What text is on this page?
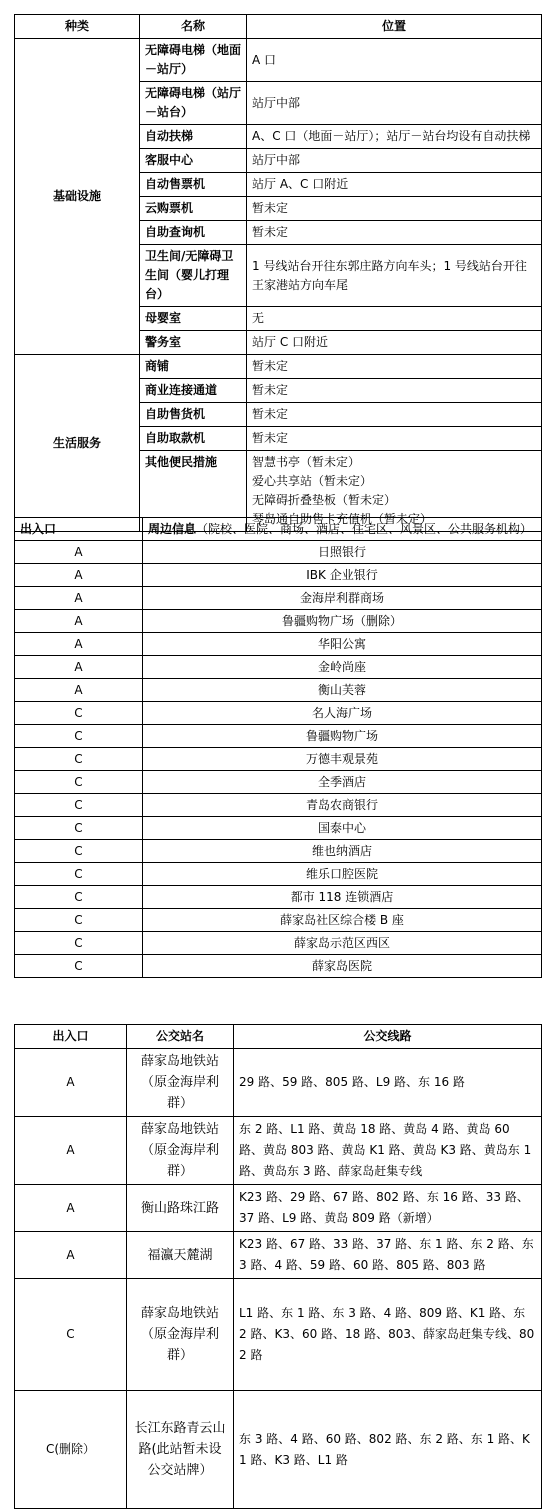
种类	名称	位置
基础设施	无障碍电梯（地面－站厅）	A 口
	无障碍电梯（站厅－站台）	站厅中部
	自动扶梯	A、C 口（地面－站厅）；站厅－站台均设有自动扶梯
	客服中心	站厅中部
	自动售票机	站厅 A、C 口附近
	云购票机	暂未定
	自助查询机	暂未定
	卫生间/无障碍卫生间（婴儿打理台）	1 号线站台开往东郭庄路方向车头；1 号线站台开往王家港站方向车尾
	母婴室	无
	警务室	站厅 C 口附近
生活服务	商铺	暂未定
	商业连接通道	暂未定
	自助售货机	暂未定
	自助取款机	暂未定
	其他便民措施	智慧书亭（暂未定）
爱心共享站（暂未定）
无障碍折叠垫板（暂未定）
琴岛通自助售卡充值机（暂未定）
出入口	周边信息（院校、医院、商场、酒店、住宅区、风景区、公共服务机构）
A	日照银行
A	IBK 企业银行
A	金海岸利群商场
A	鲁疆购物广场（删除）
A	华阳公寓
A	金岭尚座
A	衡山芙蓉
C	名人海广场
C	鲁疆购物广场
C	万德丰观景苑
C	全季酒店
C	青岛农商银行
C	国泰中心
C	维也纳酒店
C	维乐口腔医院
C	都市 118 连锁酒店
C	薛家岛社区综合楼 B 座
C	薛家岛示范区西区
C	薛家岛医院
出入口	公交站名	公交线路
A	薛家岛地铁站（原金海岸利群）	29 路、59 路、805 路、L9 路、东 16 路
A	薛家岛地铁站（原金海岸利群）	东 2 路、L1 路、黄岛 18 路、黄岛 4 路、黄岛 60 路、黄岛 803 路、黄岛 K1 路、黄岛 K3 路、黄岛东 1 路、黄岛东 3 路、薛家岛赶集专线
A	衡山路珠江路	K23 路、29 路、67 路、802 路、东 16 路、33 路、37 路、L9 路、黄岛 809 路（新增）
A	福瀛天麓湖	K23 路、67 路、33 路、37 路、东 1 路、东 2 路、东 3 路、4 路、59 路、60 路、805 路、803 路
C	薛家岛地铁站（原金海岸利群）	L1 路、东 1 路、东 3 路、4 路、809 路、K1 路、东 2 路、K3、60 路、18 路、803、薛家岛赶集专线、802 路
C(删除）	长江东路青云山路(此站暂未设公交站牌）	东 3 路、4 路、60 路、802 路、东 2 路、东 1 路、K1 路、K3 路、L1 路
